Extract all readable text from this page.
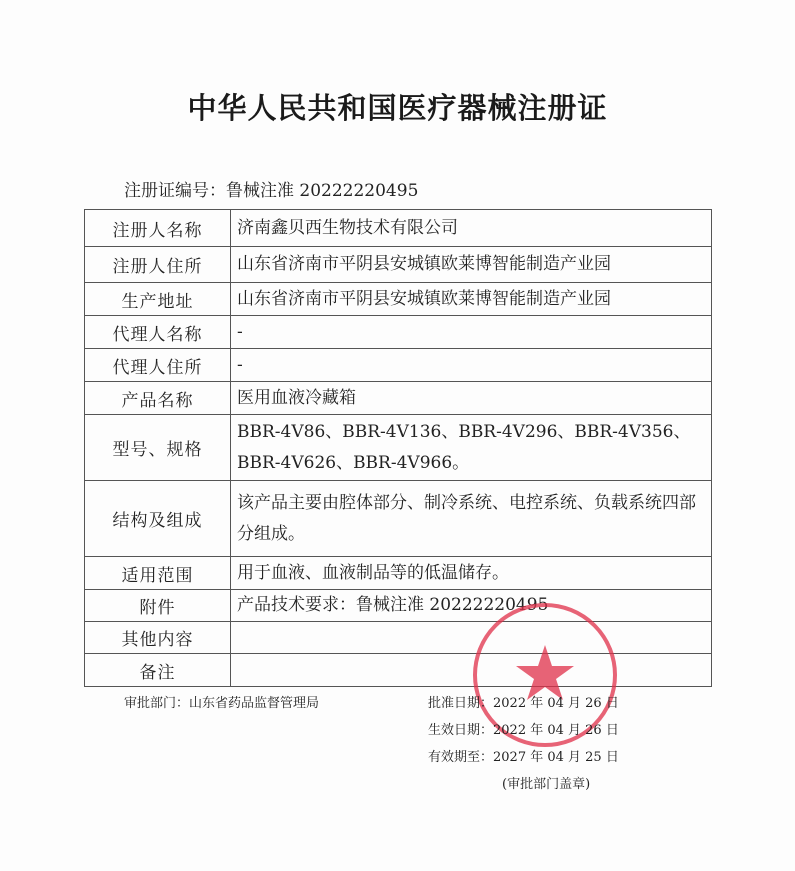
中华人民共和国医疗器械注册证
注册证编号：鲁械注准 20222220495
注册人名称	济南鑫贝西生物技术有限公司
注册人住所	山东省济南市平阴县安城镇欧莱博智能制造产业园
生产地址	山东省济南市平阴县安城镇欧莱博智能制造产业园
代理人名称	-
代理人住所	-
产品名称	医用血液冷藏箱
型号、规格	BBR-4V86、BBR-4V136、BBR-4V296、BBR-4V356、BBR-4V626、BBR-4V966。
结构及组成	该产品主要由腔体部分、制冷系统、电控系统、负载系统四部分组成。
适用范围	用于血液、血液制品等的低温储存。
附件	产品技术要求：鲁械注准 20222220495
其他内容	
备注	
审批部门：山东省药品监督管理局	批准日期：2022 年 04 月 26 日
生效日期：2022 年 04 月 26 日
有效期至：2027 年 04 月 25 日
(审批部门盖章)
